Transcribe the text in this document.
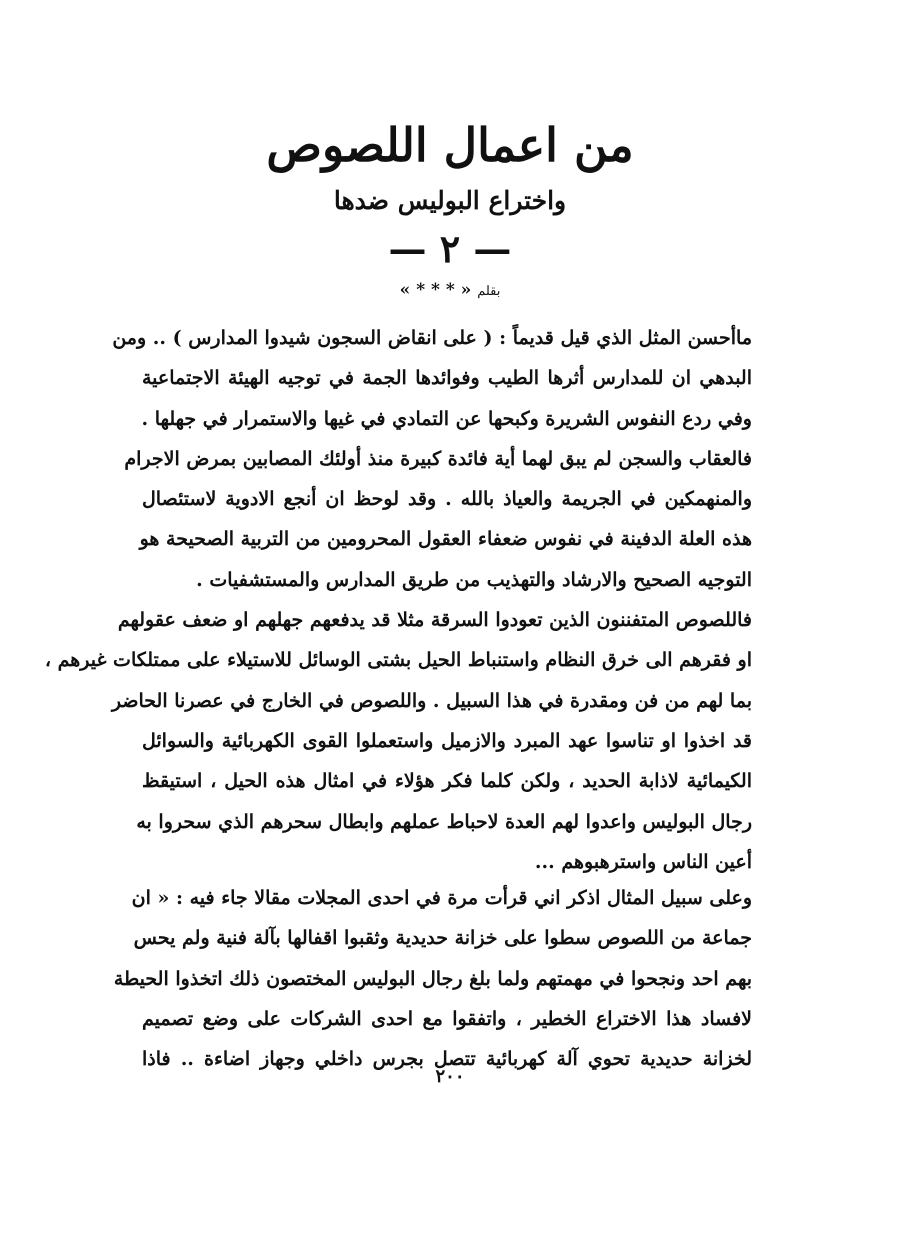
من اعمال اللصوص
واختراع البوليس ضدها
— ٢ —
بقلم « * * * »
ماأحسن المثل الذي قيل قديماً : ( على انقاض السجون شيدوا المدارس ) .. ومن
البدهي ان للمدارس أثرها الطيب وفوائدها الجمة في توجيه الهيئة الاجتماعية
وفي ردع النفوس الشريرة وكبحها عن التمادي في غيها والاستمرار في جهلها .
فالعقاب والسجن لم يبق لهما أية فائدة كبيرة منذ أولئك المصابين بمرض الاجرام
والمنهمكين في الجريمة والعياذ بالله . وقد لوحظ ان أنجع الادوية لاستئصال
هذه العلة الدفينة في نفوس ضعفاء العقول المحرومين من التربية الصحيحة هو
التوجيه الصحيح والارشاد والتهذيب من طريق المدارس والمستشفيات .
فاللصوص المتفننون الذين تعودوا السرقة مثلا قد يدفعهم جهلهم او ضعف عقولهم
او فقرهم الى خرق النظام واستنباط الحيل بشتى الوسائل للاستيلاء على ممتلكات غيرهم ،
بما لهم من فن ومقدرة في هذا السبيل . واللصوص في الخارج في عصرنا الحاضر
قد اخذوا او تناسوا عهد المبرد والازميل واستعملوا القوى الكهربائية والسوائل
الكيمائية لاذابة الحديد ، ولكن كلما فكر هؤلاء في امثال هذه الحيل ، استيقظ
رجال البوليس واعدوا لهم العدة لاحباط عملهم وابطال سحرهم الذي سحروا به
أعين الناس واسترهبوهم ...
وعلى سبيل المثال اذكر اني قرأت مرة في احدى المجلات مقالا جاء فيه : « ان
جماعة من اللصوص سطوا على خزانة حديدية وثقبوا اقفالها بآلة فنية ولم يحس
بهم احد ونجحوا في مهمتهم ولما بلغ رجال البوليس المختصون ذلك اتخذوا الحيطة
لافساد هذا الاختراع الخطير ، واتفقوا مع احدى الشركات على وضع تصميم
لخزانة حديدية تحوي آلة كهربائية تتصل بجرس داخلي وجهاز اضاءة .. فاذا
٢٠٠
